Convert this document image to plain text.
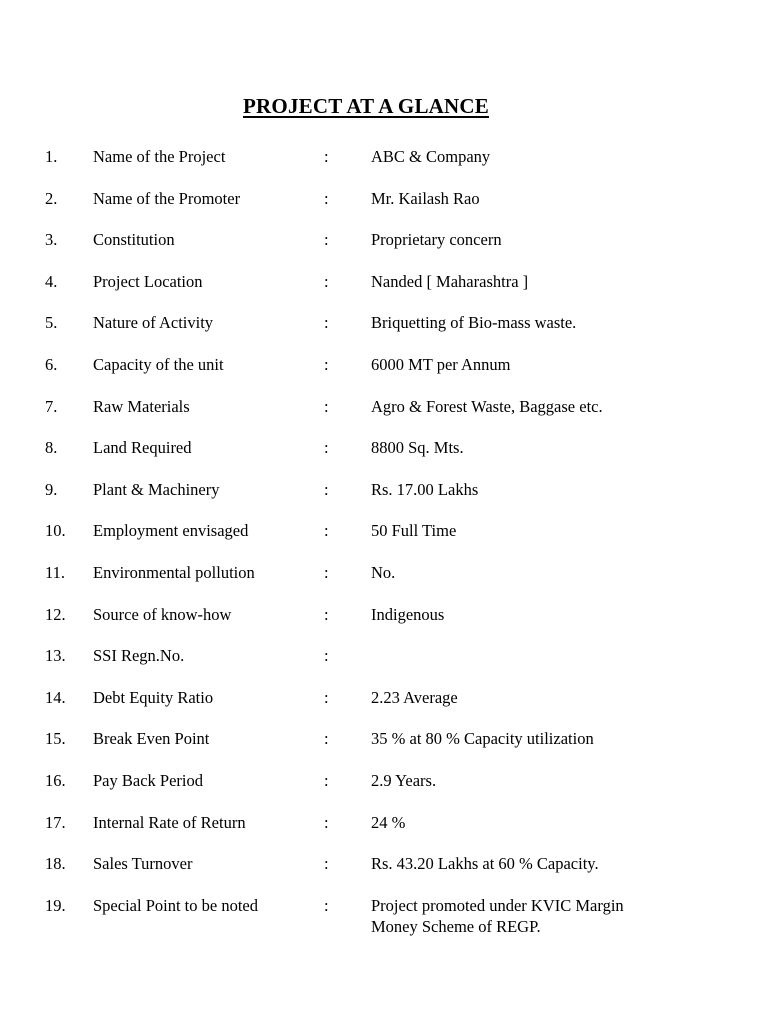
PROJECT AT A GLANCE
1. Name of the Project	:	ABC & Company
2. Name of the Promoter	:	Mr. Kailash Rao
3. Constitution	:	Proprietary concern
4. Project Location	:	Nanded [ Maharashtra ]
5. Nature of Activity	:	Briquetting of Bio-mass waste.
6. Capacity of the unit	:	6000 MT per Annum
7. Raw Materials	:	Agro & Forest Waste, Baggase etc.
8. Land Required	:	8800 Sq. Mts.
9. Plant & Machinery	:	Rs. 17.00 Lakhs
10. Employment envisaged	:	50 Full Time
11. Environmental pollution	:	No.
12. Source of know-how	:	Indigenous
13. SSI Regn.No.	:
14. Debt Equity Ratio	:	2.23 Average
15. Break Even Point	:	35 % at 80 % Capacity utilization
16. Pay Back Period	:	2.9 Years.
17. Internal Rate of Return	:	24 %
18. Sales Turnover	:	Rs. 43.20 Lakhs at 60 % Capacity.
19. Special Point to be noted	:	Project promoted under KVIC Margin
Money Scheme of REGP.
